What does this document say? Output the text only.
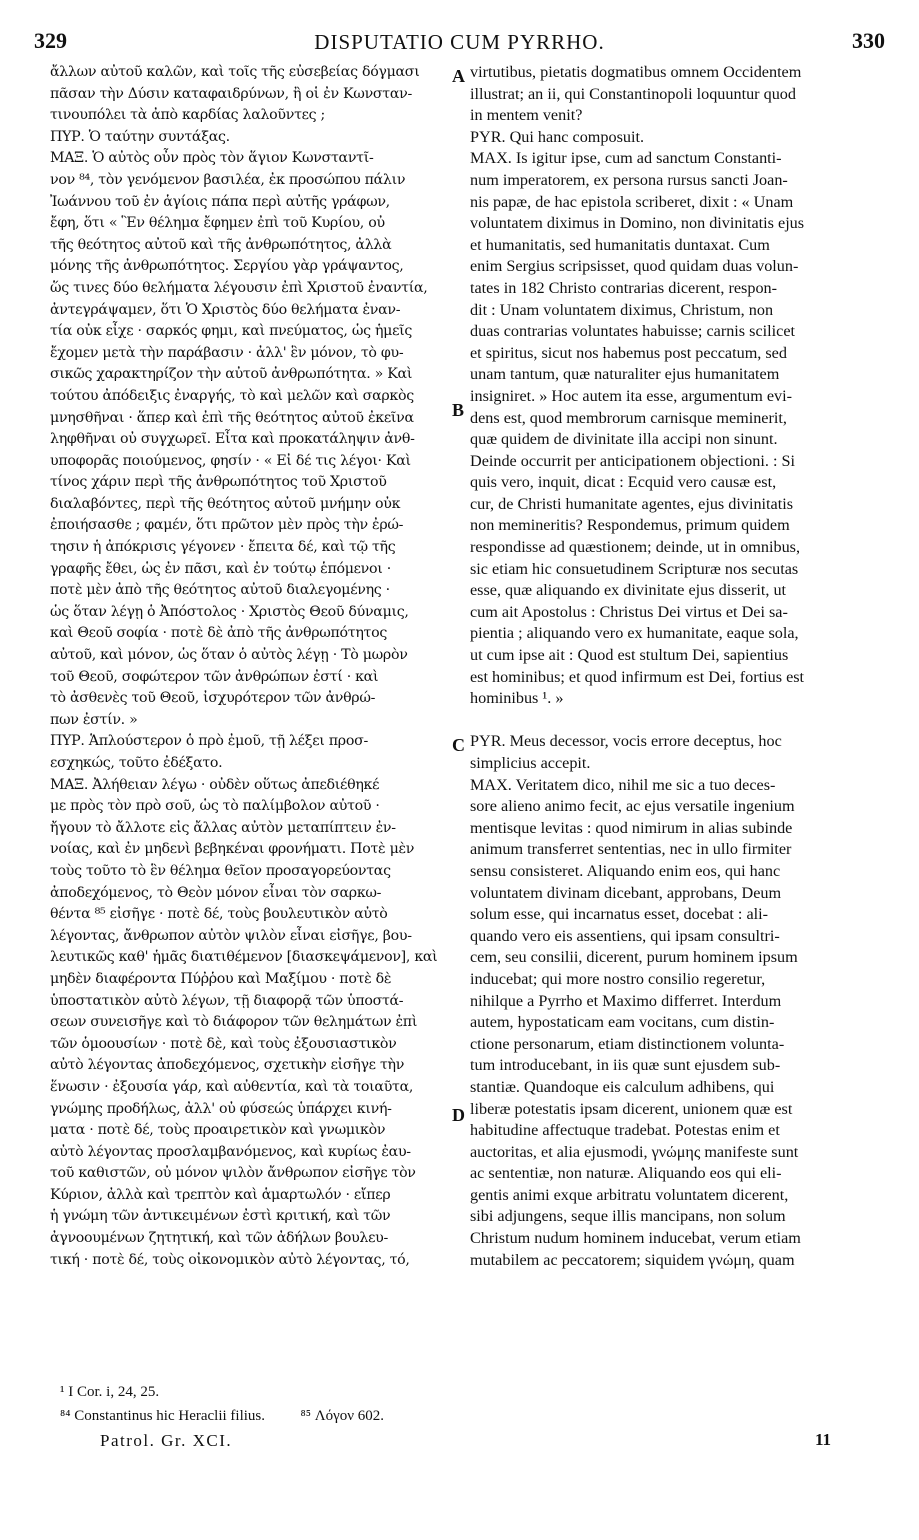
329	DISPUTATIO CUM PYRRHO.	330
ἄλλων αὐτοῦ καλῶν, καὶ τοῖς τῆς εὐσεβείας δόγμασι
πᾶσαν τὴν Δύσιν καταφαιδρύνων, ἢ οἱ ἐν Κωνσταν-
τινουπόλει τὰ ἀπὸ καρδίας λαλοῦντες ;
ΠΥΡ. Ὁ ταύτην συντάξας.
ΜΑΞ. Ὁ αὐτὸς οὖν πρὸς τὸν ἅγιον Κωνσταντῖ-
νον ⁸⁴, τὸν γενόμενον βασιλέα, ἐκ προσώπου πάλιν
Ἰωάννου τοῦ ἐν ἁγίοις πάπα περὶ αὐτῆς γράφων,
ἔφη, ὅτι « Ἓν θέλημα ἔφημεν ἐπὶ τοῦ Κυρίου, οὐ
τῆς θεότητος αὐτοῦ καὶ τῆς ἀνθρωπότητος, ἀλλὰ
μόνης τῆς ἀνθρωπότητος. Σεργίου γὰρ γράψαντος,
ὥς τινες δύο θελήματα λέγουσιν ἐπὶ Χριστοῦ ἐναντία,
ἀντεγράψαμεν, ὅτι Ὁ Χριστὸς δύο θελήματα ἐναν-
τία οὐκ εἶχε · σαρκός φημι, καὶ πνεύματος, ὡς ἡμεῖς
ἔχομεν μετὰ τὴν παράβασιν · ἀλλ' ἓν μόνον, τὸ φυ-
σικῶς χαρακτηρίζον τὴν αὐτοῦ ἀνθρωπότητα. » Καὶ
τούτου ἀπόδειξις ἐναργής, τὸ καὶ μελῶν καὶ σαρκὸς
μνησθῆναι · ἅπερ καὶ ἐπὶ τῆς θεότητος αὐτοῦ ἐκεῖνα
ληφθῆναι οὐ συγχωρεῖ. Εἶτα καὶ προκατάληψιν ἀνθ-
υποφορᾶς ποιούμενος, φησίν · « Εἰ δέ τις λέγοι· Καὶ
τίνος χάριν περὶ τῆς ἀνθρωπότητος τοῦ Χριστοῦ
διαλαβόντες, περὶ τῆς θεότητος αὐτοῦ μνήμην οὐκ
ἐποιήσασθε ; φαμέν, ὅτι πρῶτον μὲν πρὸς τὴν ἐρώ-
τησιν ἡ ἀπόκρισις γέγονεν · ἔπειτα δέ, καὶ τῷ τῆς
γραφῆς ἔθει, ὡς ἐν πᾶσι, καὶ ἐν τούτῳ ἑπόμενοι ·
ποτὲ μὲν ἀπὸ τῆς θεότητος αὐτοῦ διαλεγομένης ·
ὡς ὅταν λέγῃ ὁ Ἀπόστολος · Χριστὸς Θεοῦ δύναμις,
καὶ Θεοῦ σοφία · ποτὲ δὲ ἀπὸ τῆς ἀνθρωπότητος
αὐτοῦ, καὶ μόνον, ὡς ὅταν ὁ αὐτὸς λέγῃ · Τὸ μωρὸν
τοῦ Θεοῦ, σοφώτερον τῶν ἀνθρώπων ἐστί · καὶ
τὸ ἀσθενὲς τοῦ Θεοῦ, ἰσχυρότερον τῶν ἀνθρώ-
πων ἐστίν. »
ΠΥΡ. Ἁπλούστερον ὁ πρὸ ἐμοῦ, τῇ λέξει προσ-
εσχηκώς, τοῦτο ἐδέξατο.
ΜΑΞ. Ἀλήθειαν λέγω · οὐδὲν οὕτως ἀπεδιέθηκέ
με πρὸς τὸν πρὸ σοῦ, ὡς τὸ παλίμβολον αὐτοῦ ·
ἤγουν τὸ ἄλλοτε εἰς ἄλλας αὐτὸν μεταπίπτειν ἐν-
νοίας, καὶ ἐν μηδενὶ βεβηκέναι φρονήματι. Ποτὲ μὲν
τοὺς τοῦτο τὸ ἓν θέλημα θεῖον προσαγορεύοντας
ἀποδεχόμενος, τὸ Θεὸν μόνον εἶναι τὸν σαρκω-
θέντα ⁸⁵ εἰσῆγε · ποτὲ δέ, τοὺς βουλευτικὸν αὐτὸ
λέγοντας, ἄνθρωπον αὐτὸν ψιλὸν εἶναι εἰσῆγε, βου-
λευτικῶς καθ' ἡμᾶς διατιθέμενον [διασκεψάμενον], καὶ
μηδὲν διαφέροντα Πύῤῥου καὶ Μαξίμου · ποτὲ δὲ
ὑποστατικὸν αὐτὸ λέγων, τῇ διαφορᾷ τῶν ὑποστά-
σεων συνεισῆγε καὶ τὸ διάφορον τῶν θελημάτων ἐπὶ
τῶν ὁμοουσίων · ποτὲ δὲ, καὶ τοὺς ἐξουσιαστικὸν
αὐτὸ λέγοντας ἀποδεχόμενος, σχετικὴν εἰσῆγε τὴν
ἕνωσιν · ἐξουσία γάρ, καὶ αὐθεντία, καὶ τὰ τοιαῦτα,
γνώμης προδήλως, ἀλλ' οὐ φύσεώς ὑπάρχει κινή-
ματα · ποτὲ δέ, τοὺς προαιρετικὸν καὶ γνωμικὸν
αὐτὸ λέγοντας προσλαμβανόμενος, καὶ κυρίως ἐαυ-
τοῦ καθιστῶν, οὐ μόνον ψιλὸν ἄνθρωπον εἰσῆγε τὸν
Κύριον, ἀλλὰ καὶ τρεπτὸν καὶ ἁμαρτωλόν · εἴπερ
ἡ γνώμη τῶν ἀντικειμένων ἐστὶ κριτική, καὶ τῶν
ἀγνοουμένων ζητητική, καὶ τῶν ἀδήλων βουλευ-
τική · ποτὲ δέ, τοὺς οἰκονομικὸν αὐτὸ λέγοντας, τό,
virtutibus, pietatis dogmatibus omnem Occidentem
illustrat; an ii, qui Constantinopoli loquuntur quod
in mentem venit?
PYR. Qui hanc composuit.
MAX. Is igitur ipse, cum ad sanctum Constanti-
num imperatorem, ex persona rursus sancti Joan-
nis papæ, de hac epistola scriberet, dixit : « Unam
voluntatem diximus in Domino, non divinitatis ejus
et humanitatis, sed humanitatis duntaxat. Cum
enim Sergius scripsisset, quod quidam duas volun-
tates in 182 Christo contrarias dicerent, respon-
dit : Unam voluntatem diximus, Christum, non
duas contrarias voluntates habuisse; carnis scilicet
et spiritus, sicut nos habemus post peccatum, sed
unam tantum, quæ naturaliter ejus humanitatem
insigniret. » Hoc autem ita esse, argumentum evi-
dens est, quod membrorum carnisque meminerit,
quæ quidem de divinitate illa accipi non sinunt.
Deinde occurrit per anticipationem objectioni. : Si
quis vero, inquit, dicat : Ecquid vero causæ est,
cur, de Christi humanitate agentes, ejus divinitatis
non memineritis? Respondemus, primum quidem
respondisse ad quæstionem; deinde, ut in omnibus,
sic etiam hic consuetudinem Scripturæ nos secutas
esse, quæ aliquando ex divinitate ejus disserit, ut
cum ait Apostolus : Christus Dei virtus et Dei sa-
pientia ; aliquando vero ex humanitate, eaque sola,
ut cum ipse ait : Quod est stultum Dei, sapientius
est hominibus; et quod infirmum est Dei, fortius est
hominibus ¹. »
PYR. Meus decessor, vocis errore deceptus, hoc
simplicius accepit.
MAX. Veritatem dico, nihil me sic a tuo deces-
sore alieno animo fecit, ac ejus versatile ingenium
mentisque levitas : quod nimirum in alias subinde
animum transferret sententias, nec in ullo firmiter
sensu consisteret. Aliquando enim eos, qui hanc
voluntatem divinam dicebant, approbans, Deum
solum esse, qui incarnatus esset, docebat : ali-
quando vero eis assentiens, qui ipsam consultri-
cem, seu consilii, dicerent, purum hominem ipsum
inducebat; qui more nostro consilio regeretur,
nihilque a Pyrrho et Maximo differret. Interdum
autem, hypostaticam eam vocitans, cum distin-
ctione personarum, etiam distinctionem volunta-
tum introducebant, in iis quæ sunt ejusdem sub-
stantiæ. Quandoque eis calculum adhibens, qui
liberæ potestatis ipsam dicerent, unionem quæ est
habitudine affectuque tradebat. Potestas enim et
auctoritas, et alia ejusmodi, γνώμης manifeste sunt
ac sententiæ, non naturæ. Aliquando eos qui eli-
gentis animi exque arbitratu voluntatem dicerent,
sibi adjungens, seque illis mancipans, non solum
Christum nudum hominem inducebat, verum etiam
mutabilem ac peccatorem; siquidem γνώμη, quam
A
B
C
D
¹ I Cor. i, 24, 25.
⁸⁴ Constantinus hic Heraclii filius. ⁸⁵ Λόγον 602.
Patrol. Gr. XCI.	11
